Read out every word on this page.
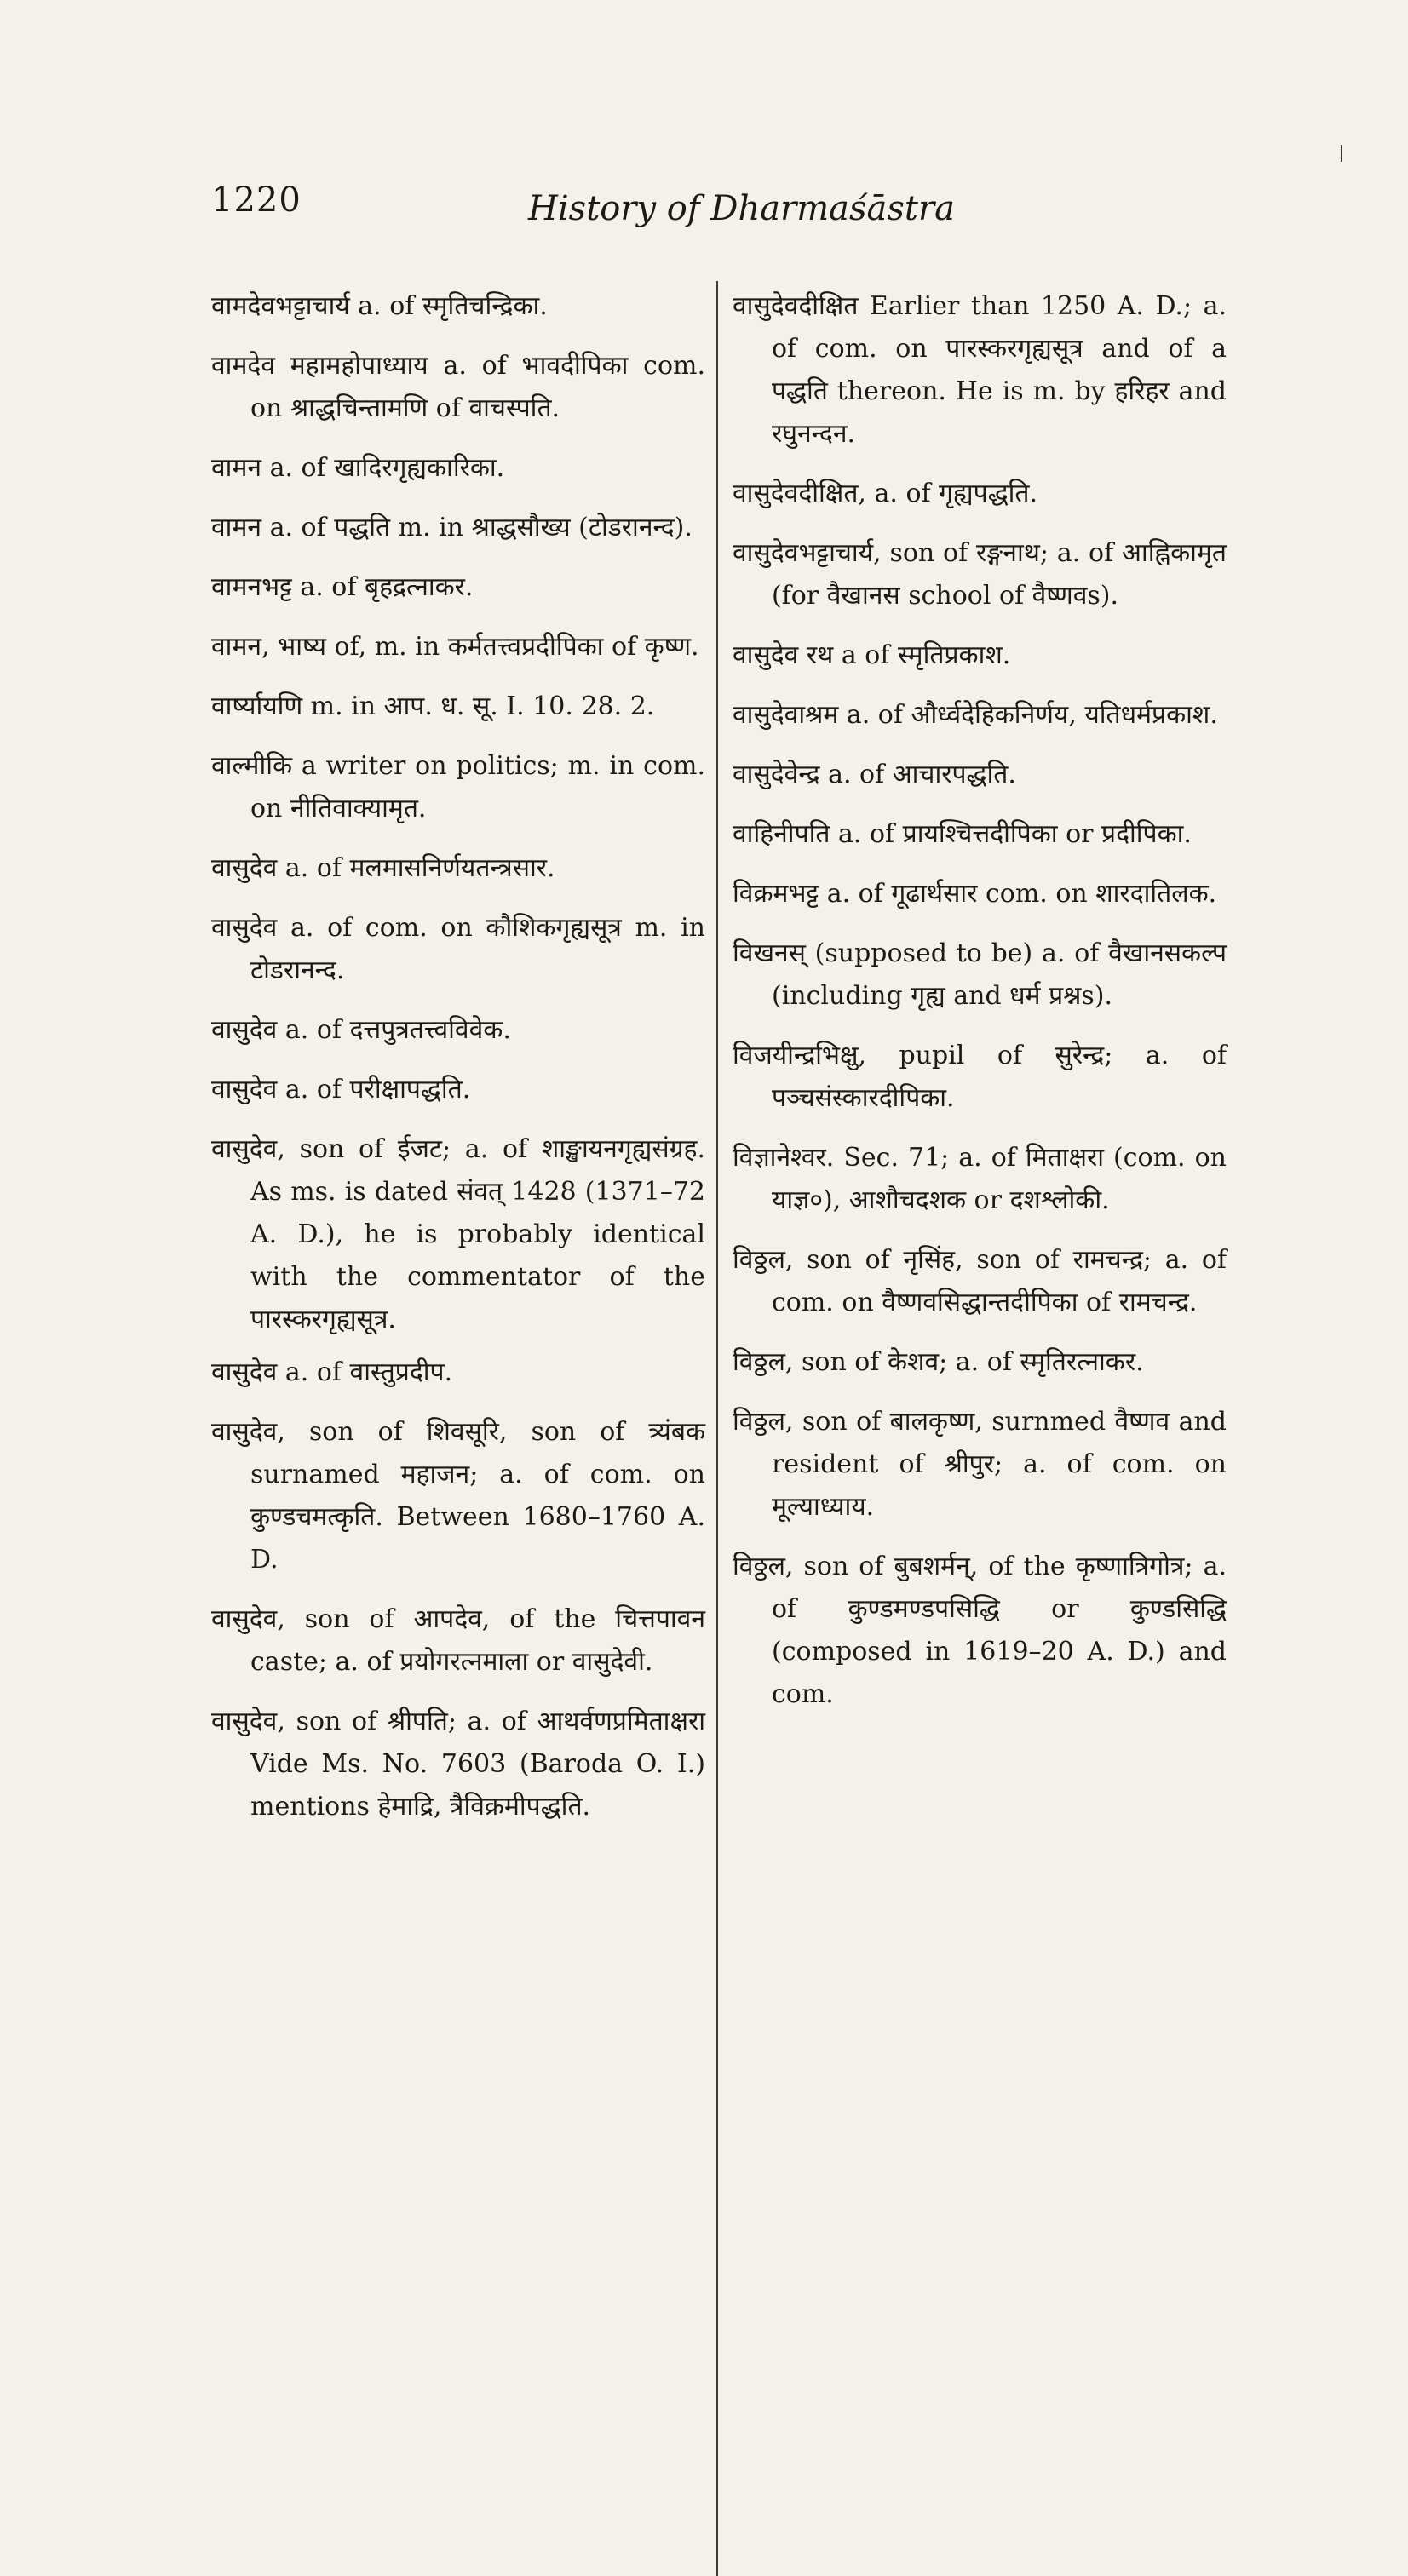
1220	History of Dharmaśāstra

वामदेवभट्टाचार्य a. of स्मृतिचन्द्रिका.

वामदेव महामहोपाध्याय a. of भावदीपिका com. on श्राद्धचिन्तामणि of वाचस्पति.

वामन a. of खादिरगृह्यकारिका.

वामन a. of पद्धति m. in श्राद्धसौख्य (टोडरानन्द).

वामनभट्ट a. of बृहद्रत्नाकर.

वामन, भाष्य of, m. in कर्मतत्त्वप्रदीपिका of कृष्ण.

वार्ष्यायणि m. in आप. ध. सू. I. 10. 28. 2.

वाल्मीकि a writer on politics; m. in com. on नीतिवाक्यामृत.

वासुदेव a. of मलमासनिर्णयतन्त्रसार.

वासुदेव a. of com. on कौशिकगृह्यसूत्र m. in टोडरानन्द.

वासुदेव a. of दत्तपुत्रतत्त्वविवेक.

वासुदेव a. of परीक्षापद्धति.

वासुदेव, son of ईजट; a. of शाङ्खायनगृह्यसंग्रह. As ms. is dated संवत् 1428 (1371–72 A. D.), he is probably identical with the commentator of the पारस्करगृह्यसूत्र.

वासुदेव a. of वास्तुप्रदीप.

वासुदेव, son of शिवसूरि, son of त्र्यंबक surnamed महाजन; a. of com. on कुण्डचमत्कृति. Between 1680–1760 A. D.

वासुदेव, son of आपदेव, of the चित्तपावन caste; a. of प्रयोगरत्नमाला or वासुदेवी.

वासुदेव, son of श्रीपति; a. of आथर्वणप्रमिताक्षरा Vide Ms. No. 7603 (Baroda O. I.) mentions हेमाद्रि, त्रैविक्रमीपद्धति.

वासुदेवदीक्षित Earlier than 1250 A. D.; a. of com. on पारस्करगृह्यसूत्र and of a पद्धति thereon. He is m. by हरिहर and रघुनन्दन.

वासुदेवदीक्षित, a. of गृह्यपद्धति.

वासुदेवभट्टाचार्य, son of रङ्गनाथ; a. of आह्निकामृत (for वैखानस school of वैष्णवs).

वासुदेव रथ a of स्मृतिप्रकाश.

वासुदेवाश्रम a. of और्ध्वदेहिकनिर्णय, यतिधर्मप्रकाश.

वासुदेवेन्द्र a. of आचारपद्धति.

वाहिनीपति a. of प्रायश्चित्तदीपिका or प्रदीपिका.

विक्रमभट्ट a. of गूढार्थसार com. on शारदातिलक.

विखनस् (supposed to be) a. of वैखानसकल्प (including गृह्य and धर्म प्रश्नs).

विजयीन्द्रभिक्षु, pupil of सुरेन्द्र; a. of पञ्चसंस्कारदीपिका.

विज्ञानेश्वर. Sec. 71; a. of मिताक्षरा (com. on याज्ञ०), आशौचदशक or दशश्लोकी.

विठ्ठल, son of नृसिंह, son of रामचन्द्र; a. of com. on वैष्णवसिद्धान्तदीपिका of रामचन्द्र.

विठ्ठल, son of केशव; a. of स्मृतिरत्नाकर.

विठ्ठल, son of बालकृष्ण, surnmed वैष्णव and resident of श्रीपुर; a. of com. on मूल्याध्याय.

विठ्ठल, son of बुबशर्मन्, of the कृष्णात्रिगोत्र; a. of कुण्डमण्डपसिद्धि or कुण्डसिद्धि (composed in 1619–20 A. D.) and com.
